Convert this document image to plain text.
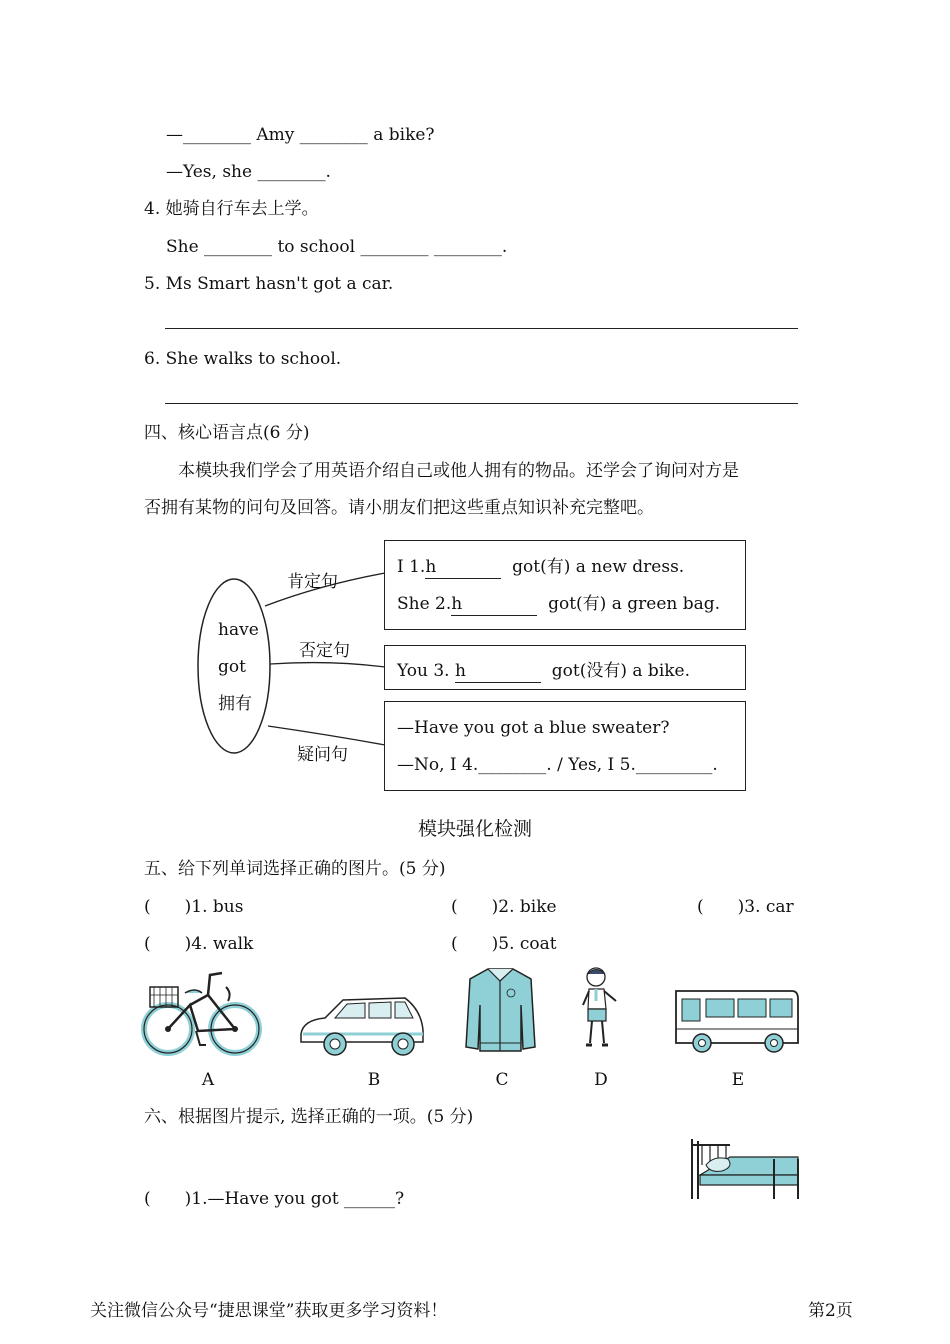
—________ Amy ________ a bike?
—Yes, she ________.
4. 她骑自行车去上学。
She ________ to school ________ ________.
5. Ms Smart hasn't got a car.
6. She walks to school.
四、核心语言点(6 分)
本模块我们学会了用英语介绍自己或他人拥有的物品。还学会了询问对方是
否拥有某物的问句及回答。请小朋友们把这些重点知识补充完整吧。
have
got
拥有
肯定句
否定句
疑问句
I 1.h	got(有) a new dress.
She 2.h	got(有) a green bag.
You 3. h	got(没有) a bike.
—Have you got a blue sweater?
—No, I 4.________. / Yes, I 5._________.
模块强化检测
五、给下列单词选择正确的图片。(5 分)
(　　)1. bus	(　　)2. bike	(　　)3. car
(　　)4. walk	(　　)5. coat
A	B	C	D	E
六、根据图片提示, 选择正确的一项。(5 分)
(　　)1.—Have you got ______?
关注微信公众号“捷思课堂”获取更多学习资料！	第2页
